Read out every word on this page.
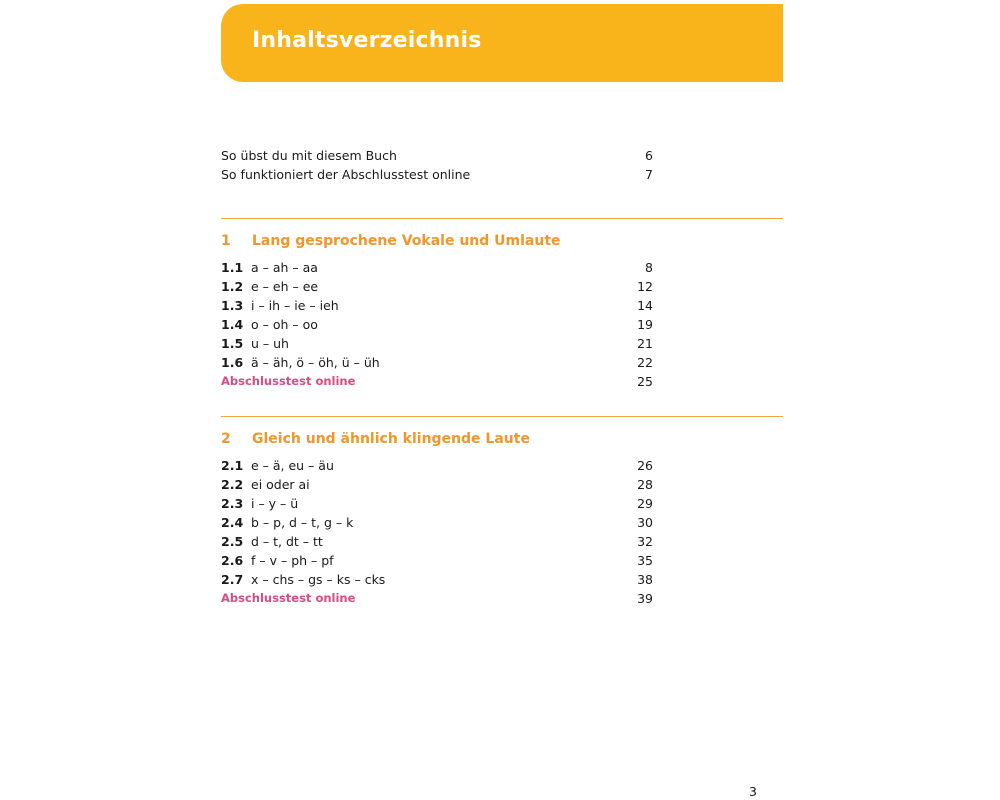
Inhaltsverzeichnis
So übst du mit diesem Buch	6
So funktioniert der Abschlusstest online	7
1 Lang gesprochene Vokale und Umlaute
1.1 a – ah – aa	8
1.2 e – eh – ee	12
1.3 i – ih – ie – ieh	14
1.4 o – oh – oo	19
1.5 u – uh	21
1.6 ä – äh, ö – öh, ü – üh	22
Abschlusstest online	25
2 Gleich und ähnlich klingende Laute
2.1 e – ä, eu – äu	26
2.2 ei oder ai	28
2.3 i – y – ü	29
2.4 b – p, d – t, g – k	30
2.5 d – t, dt – tt	32
2.6 f – v – ph – pf	35
2.7 x – chs – gs – ks – cks	38
Abschlusstest online	39
3
